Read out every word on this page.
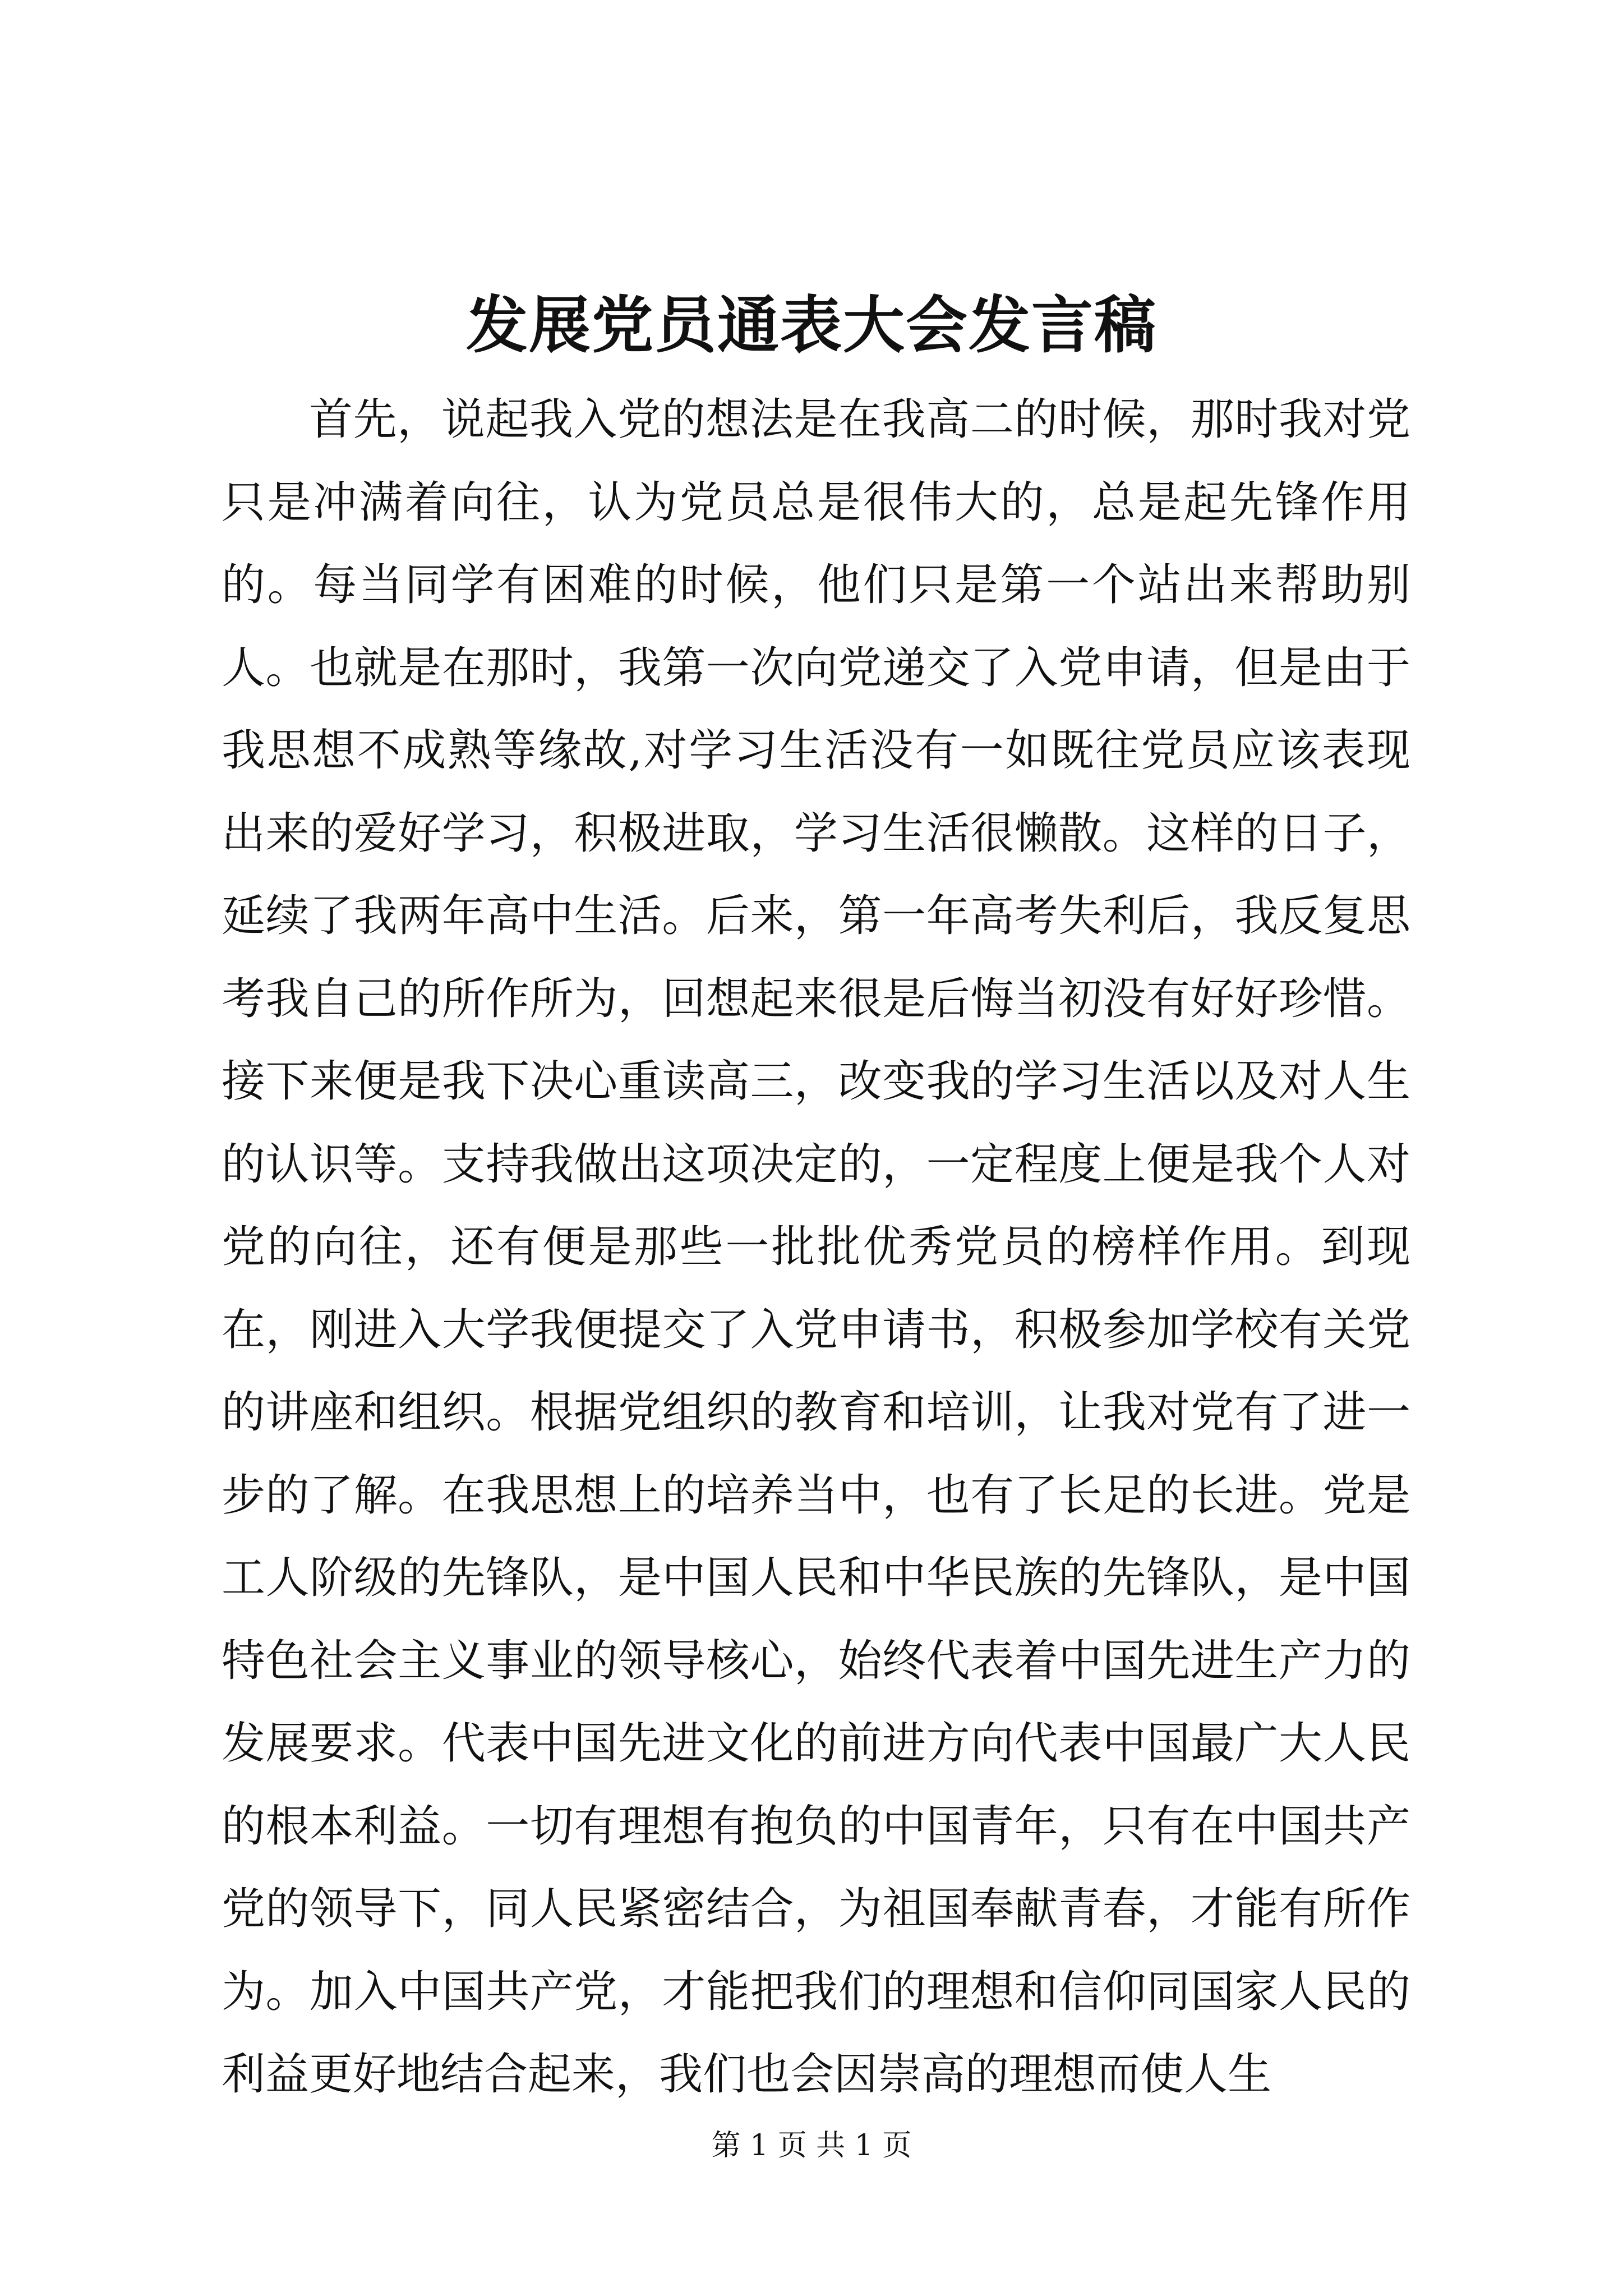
发展党员通表大会发言稿

首先，说起我入党的想法是在我高二的时候，那时我对党只是冲满着向往，认为党员总是很伟大的，总是起先锋作用的。每当同学有困难的时候，他们只是第一个站出来帮助别人。也就是在那时，我第一次向党递交了入党申请，但是由于我思想不成熟等缘故,对学习生活没有一如既往党员应该表现出来的爱好学习，积极进取，学习生活很懒散。这样的日子，延续了我两年高中生活。后来，第一年高考失利后，我反复思考我自己的所作所为，回想起来很是后悔当初没有好好珍惜。接下来便是我下决心重读高三，改变我的学习生活以及对人生的认识等。支持我做出这项决定的，一定程度上便是我个人对党的向往，还有便是那些一批批优秀党员的榜样作用。到现在，刚进入大学我便提交了入党申请书，积极参加学校有关党的讲座和组织。根据党组织的教育和培训，让我对党有了进一步的了解。在我思想上的培养当中，也有了长足的长进。党是工人阶级的先锋队，是中国人民和中华民族的先锋队，是中国特色社会主义事业的领导核心，始终代表着中国先进生产力的发展要求。代表中国先进文化的前进方向代表中国最广大人民的根本利益。一切有理想有抱负的中国青年，只有在中国共产党的领导下，同人民紧密结合，为祖国奉献青春，才能有所作为。加入中国共产党，才能把我们的理想和信仰同国家人民的利益更好地结合起来，我们也会因崇高的理想而使人生

第 1 页 共 1 页
